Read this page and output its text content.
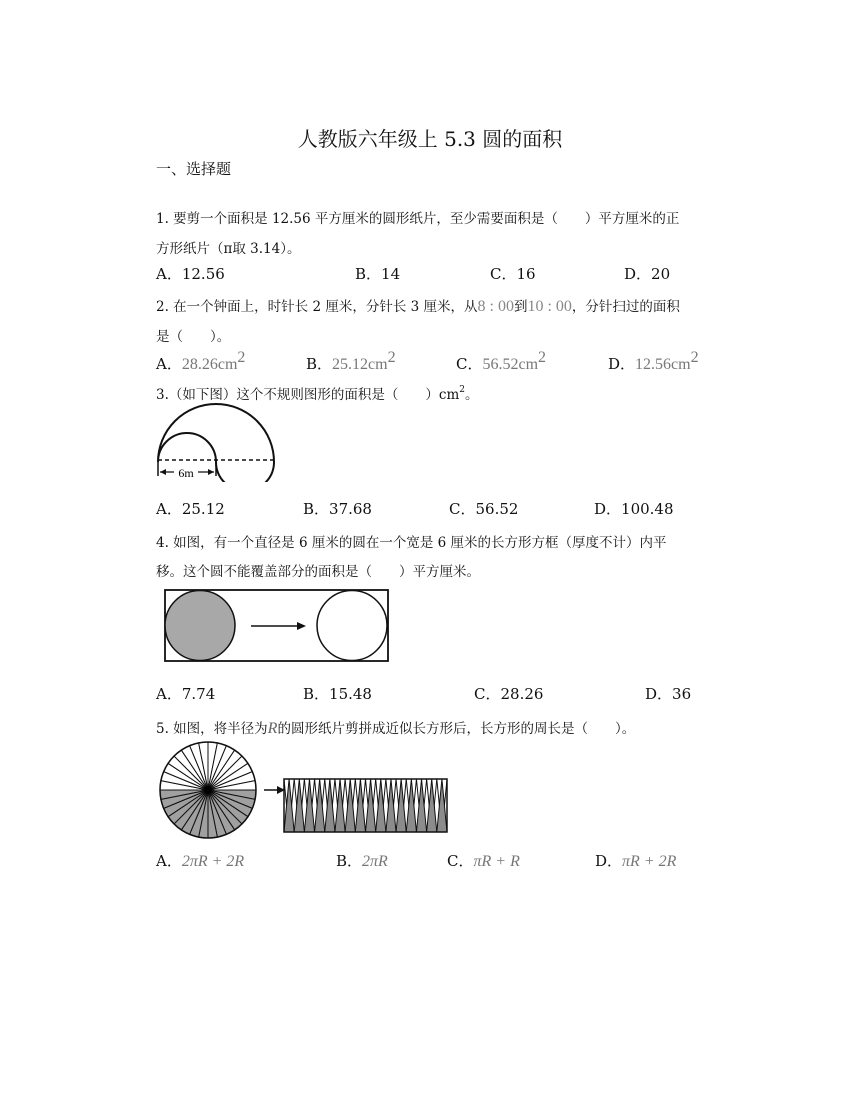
人教版六年级上 5.3 圆的面积
一、选择题
1. 要剪一个面积是 12.56 平方厘米的圆形纸片，至少需要面积是（　　）平方厘米的正
方形纸片（π取 3.14）。
A．12.56	B．14	C．16	D．20
2. 在一个钟面上，时针长 2 厘米，分针长 3 厘米，从8 : 00到10 : 00，分针扫过的面积
是（　　）。
A．$28.26cm^2$	B．$25.12cm^2$	C．$56.52cm^2$	D．$12.56cm^2$
3.（如下图）这个不规则图形的面积是（　　）$cm^2$。
6m
A．25.12	B．37.68	C．56.52	D．100.48
4. 如图，有一个直径是 6 厘米的圆在一个宽是 6 厘米的长方形方框（厚度不计）内平
移。这个圆不能覆盖部分的面积是（　　）平方厘米。
A．7.74	B．15.48	C．28.26	D．36
5. 如图，将半径为R的圆形纸片剪拼成近似长方形后，长方形的周长是（　　）。
A．2πR + 2R	B．2πR	C．πR + R	D．πR + 2R
